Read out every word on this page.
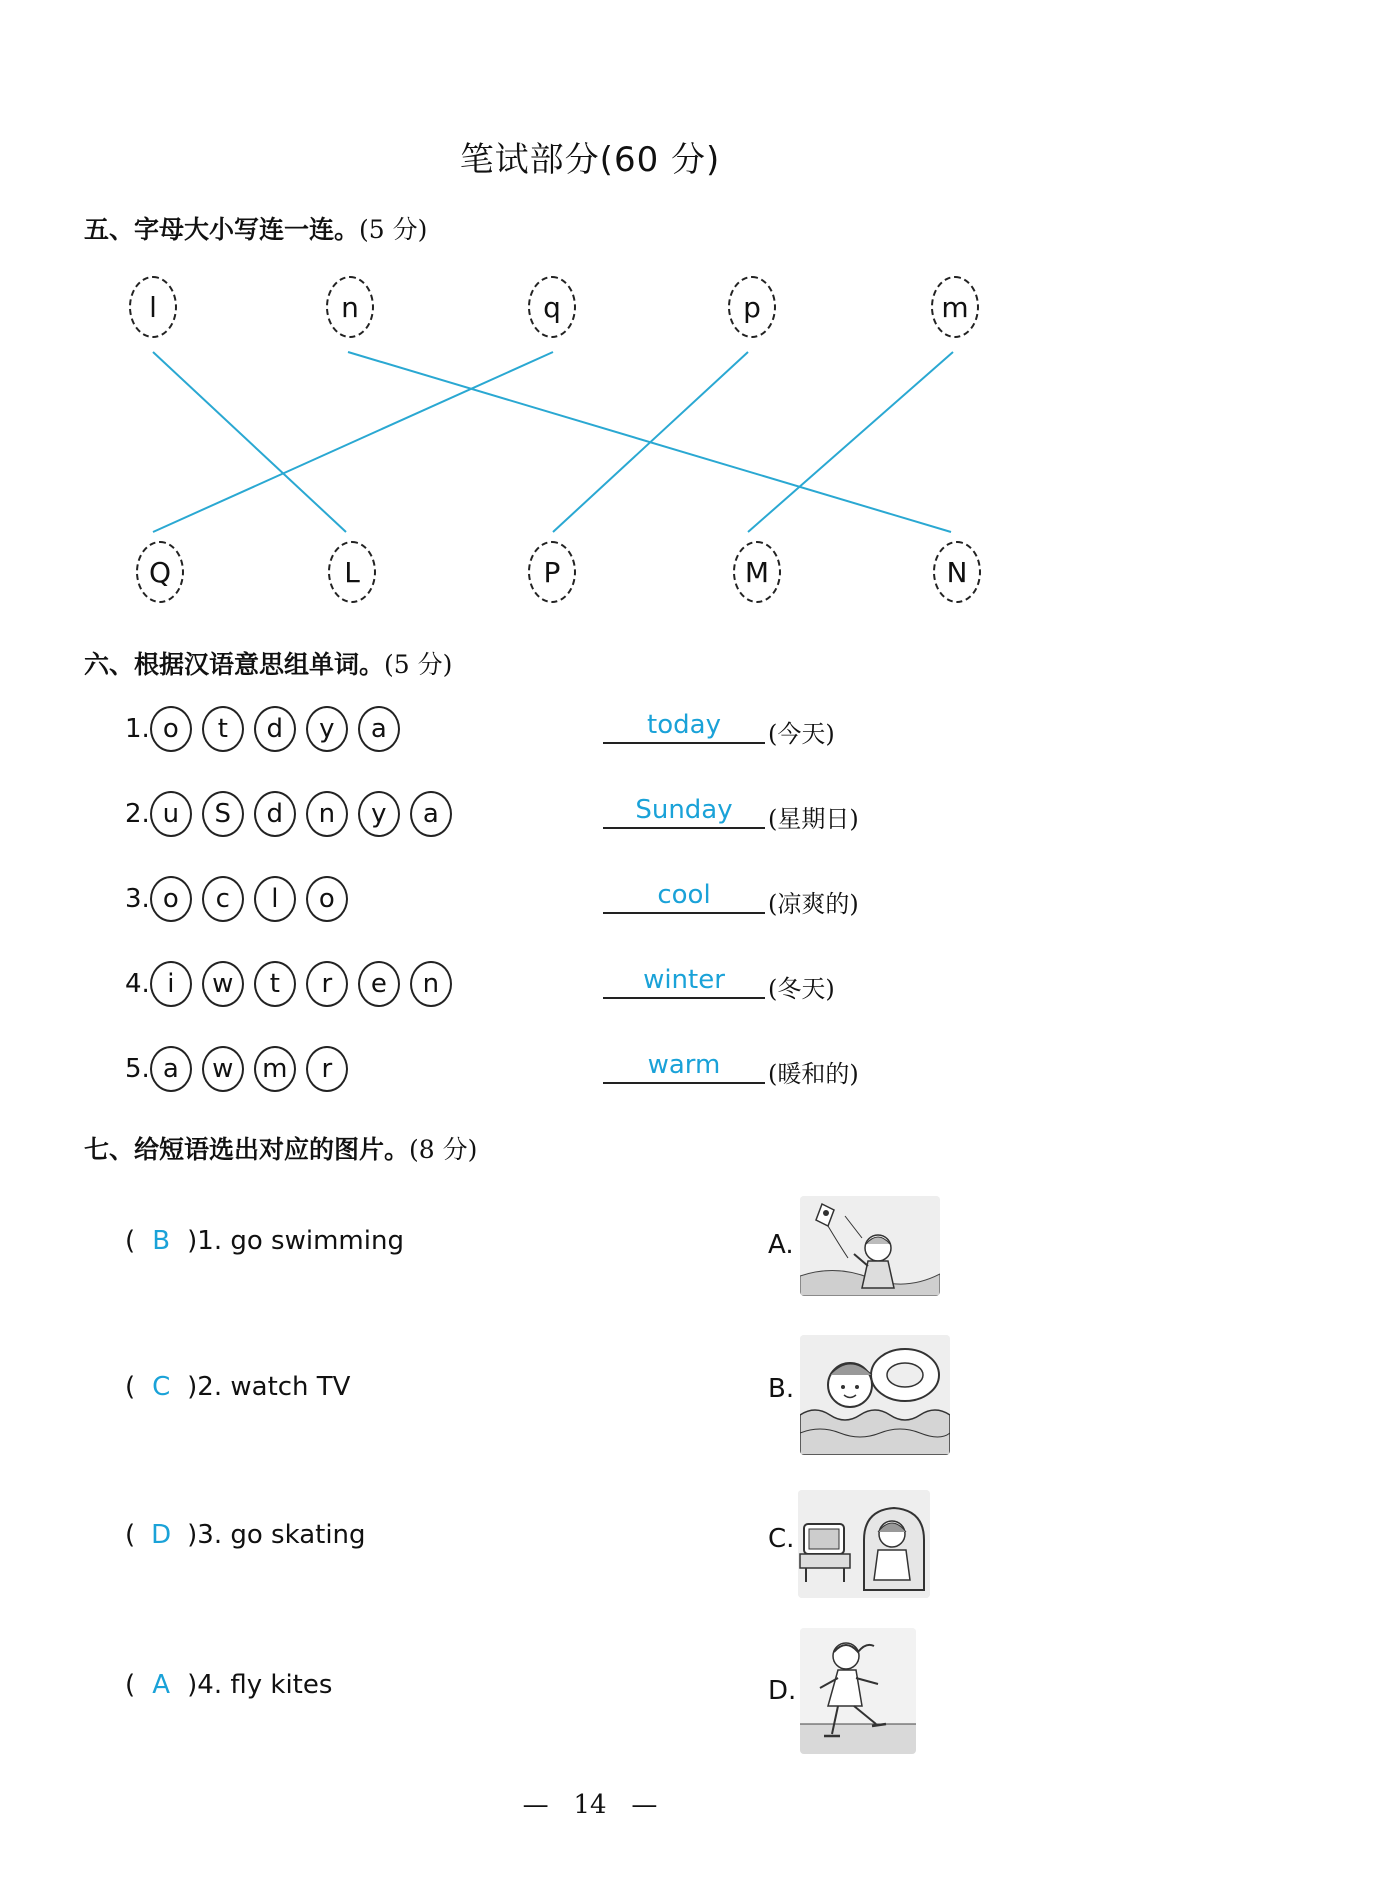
笔试部分(60 分)
五、字母大小写连一连。(5 分)
l	n	q	p	m
Q	L	P	M	N
六、根据汉语意思组单词。(5 分)
1. o	t	d	y	a	today	(今天)
2. u	S	d	n	y	a	Sunday	(星期日)
3. o	c	l	o	cool	(凉爽的)
4. i	w	t	r	e	n	winter	(冬天)
5. a	w	m	r	warm	(暖和的)
七、给短语选出对应的图片。(8 分)
( B )1. go swimming
( C )2. watch TV
( D )3. go skating
( A )4. fly kites
A.
B.
C.
D.
— 14 —
